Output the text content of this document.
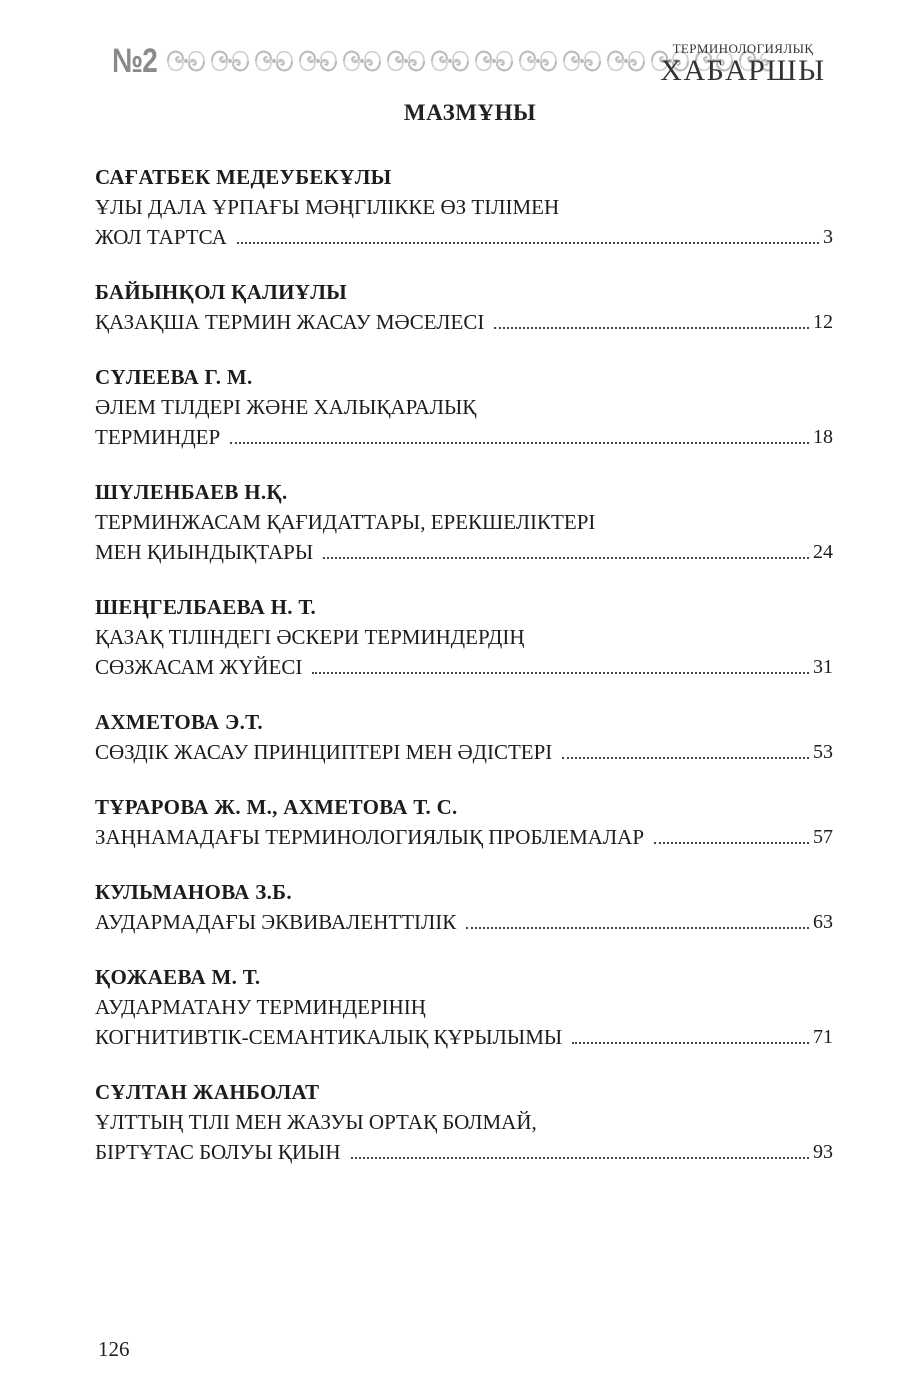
№2	ТЕРМИНОЛОГИЯЛЫҚ
ХАБАРШЫ
МАЗМҰНЫ
САҒАТБЕК МЕДЕУБЕКҰЛЫ
ҰЛЫ ДАЛА ҰРПАҒЫ МӘҢГІЛІККЕ ӨЗ ТІЛІМЕН
ЖОЛ ТАРТСА	3
БАЙЫНҚОЛ ҚАЛИҰЛЫ
ҚАЗАҚША ТЕРМИН ЖАСАУ МӘСЕЛЕСІ	12
СҮЛЕЕВА Г. М.
ӘЛЕМ ТІЛДЕРІ ЖӘНЕ ХАЛЫҚАРАЛЫҚ
ТЕРМИНДЕР	18
ШҮЛЕНБАЕВ Н.Қ.
ТЕРМИНЖАСАМ ҚАҒИДАТТАРЫ, ЕРЕКШЕЛІКТЕРІ
МЕН ҚИЫНДЫҚТАРЫ	24
ШЕҢГЕЛБАЕВА Н. Т.
ҚАЗАҚ ТІЛІНДЕГІ ӘСКЕРИ ТЕРМИНДЕРДІҢ
СӨЗЖАСАМ ЖҮЙЕСІ	31
АХМЕТОВА Э.Т.
СӨЗДІК ЖАСАУ ПРИНЦИПТЕРІ МЕН ӘДІСТЕРІ	53
ТҰРАРОВА Ж. М., АХМЕТОВА Т. С.
ЗАҢНАМАДАҒЫ ТЕРМИНОЛОГИЯЛЫҚ ПРОБЛЕМАЛАР	57
КУЛЬМАНОВА З.Б.
АУДАРМАДАҒЫ ЭКВИВАЛЕНТТІЛІК	63
ҚОЖАЕВА М. Т.
АУДАРМАТАНУ ТЕРМИНДЕРІНІҢ
КОГНИТИВТІК-СЕМАНТИКАЛЫҚ ҚҰРЫЛЫМЫ	71
СҰЛТАН ЖАНБОЛАТ
ҰЛТТЫҢ ТІЛІ МЕН ЖАЗУЫ ОРТАҚ БОЛМАЙ,
БІРТҰТАС БОЛУЫ ҚИЫН	93
126
